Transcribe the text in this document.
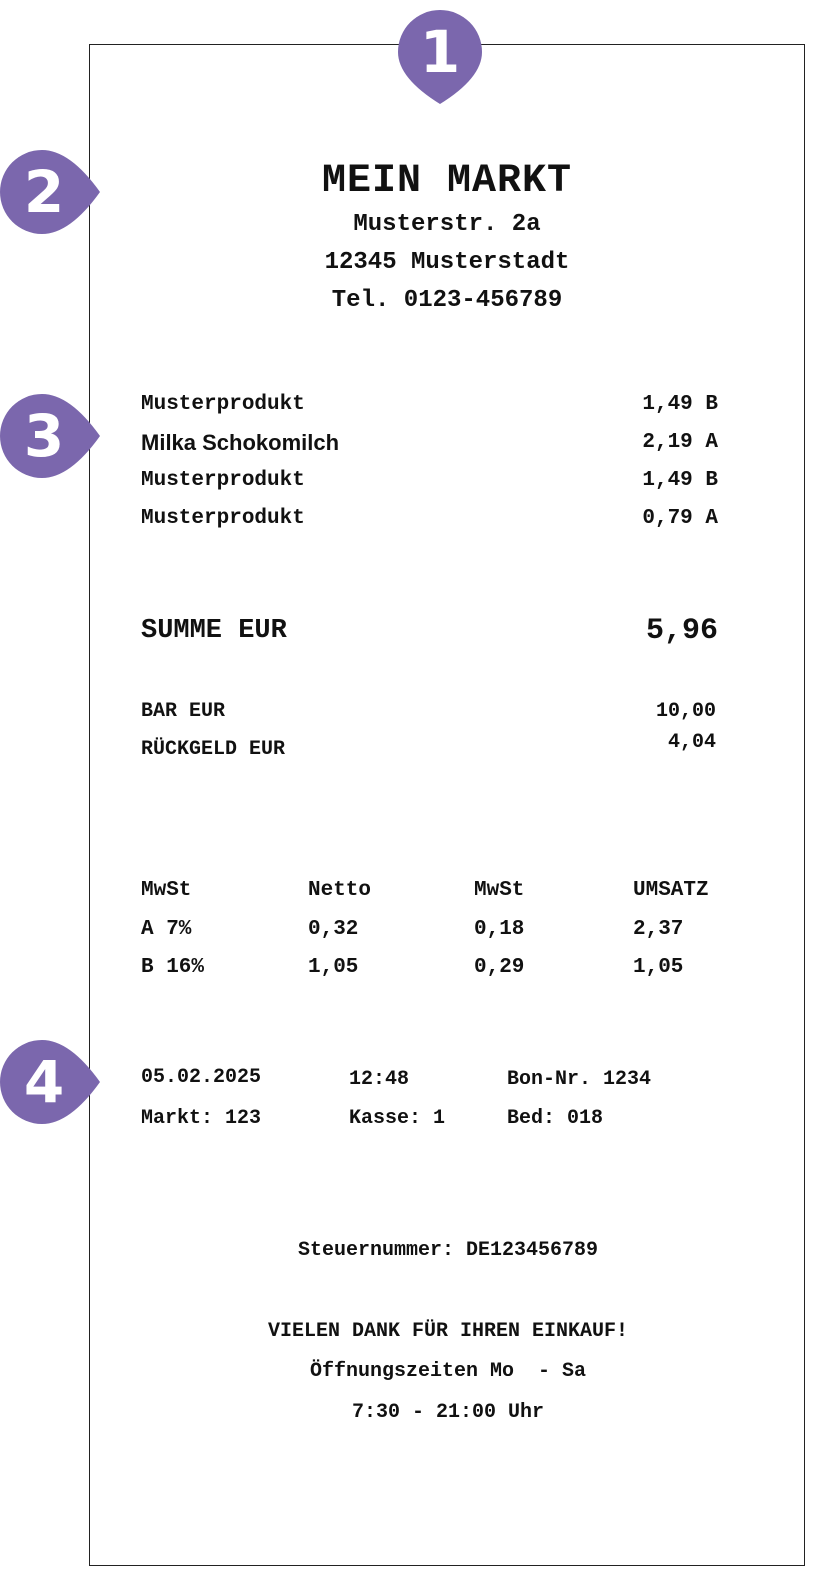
MEIN MARKT
Musterstr. 2a
12345 Musterstadt
Tel. 0123-456789
Musterprodukt	1,49 B
Milka Schokomilch	2,19 A
Musterprodukt	1,49 B
Musterprodukt	0,79 A
SUMME EUR	5,96
BAR EUR	10,00
RÜCKGELD EUR	4,04
MwSt	Netto	MwSt	UMSATZ
A 7%	0,32	0,18	2,37
B 16%	1,05	0,29	1,05
05.02.2025	12:48	Bon-Nr. 1234
Markt: 123	Kasse: 1	Bed: 018
Steuernummer: DE123456789
VIELEN DANK FÜR IHREN EINKAUF!
Öffnungszeiten Mo  - Sa
7:30 - 21:00 Uhr
1
2
3
4
